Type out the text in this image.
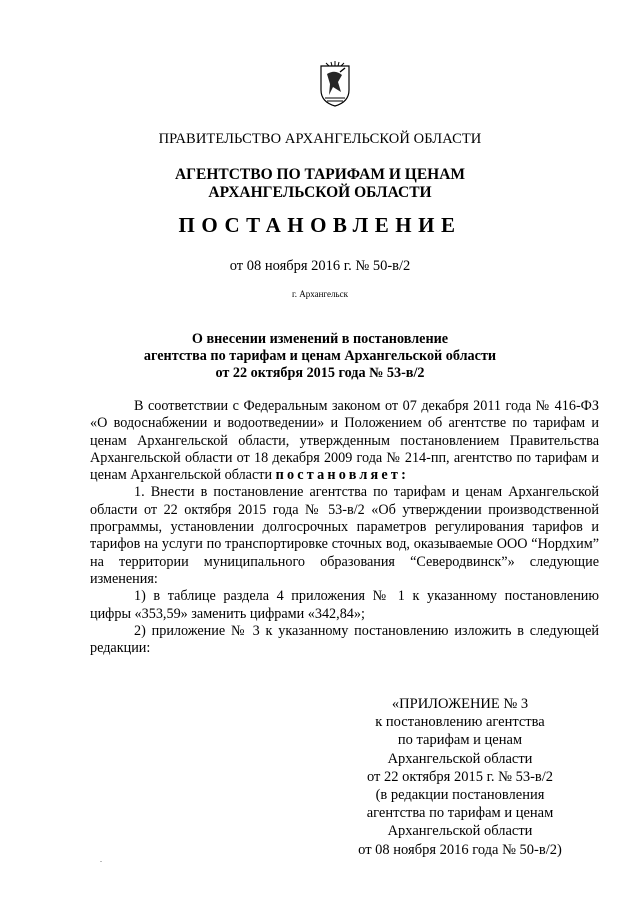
ПРАВИТЕЛЬСТВО АРХАНГЕЛЬСКОЙ ОБЛАСТИ
АГЕНТСТВО ПО ТАРИФАМ И ЦЕНАМ
АРХАНГЕЛЬСКОЙ ОБЛАСТИ
ПОСТАНОВЛЕНИЕ
от 08 ноября 2016 г. № 50-в/2
г. Архангельск
О внесении изменений в постановление
агентства по тарифам и ценам Архангельской области
от 22 октября 2015 года № 53-в/2

В соответствии с Федеральным законом от 07 декабря 2011 года № 416-ФЗ «О водоснабжении и водоотведении» и Положением об агентстве по тарифам и ценам Архангельской области, утвержденным постановлением Правительства Архангельской области от 18 декабря 2009 года № 214-пп, агентство по тарифам и ценам Архангельской области постановляет:

1. Внести в постановление агентства по тарифам и ценам Архангельской области от 22 октября 2015 года № 53-в/2 «Об утверждении производственной программы, установлении долгосрочных параметров регулирования тарифов и тарифов на услуги по транспортировке сточных вод, оказываемые ООО “Нордхим” на территории муниципального образования “Северодвинск”» следующие изменения:

1) в таблице раздела 4 приложения № 1 к указанному постановлению цифры «353,59» заменить цифрами «342,84»;

2) приложение № 3 к указанному постановлению изложить в следующей редакции:

«ПРИЛОЖЕНИЕ № 3
к постановлению агентства
по тарифам и ценам
Архангельской области
от 22 октября 2015 г. № 53-в/2
(в редакции постановления
агентства по тарифам и ценам
Архангельской области
от 08 ноября 2016 года № 50-в/2)
